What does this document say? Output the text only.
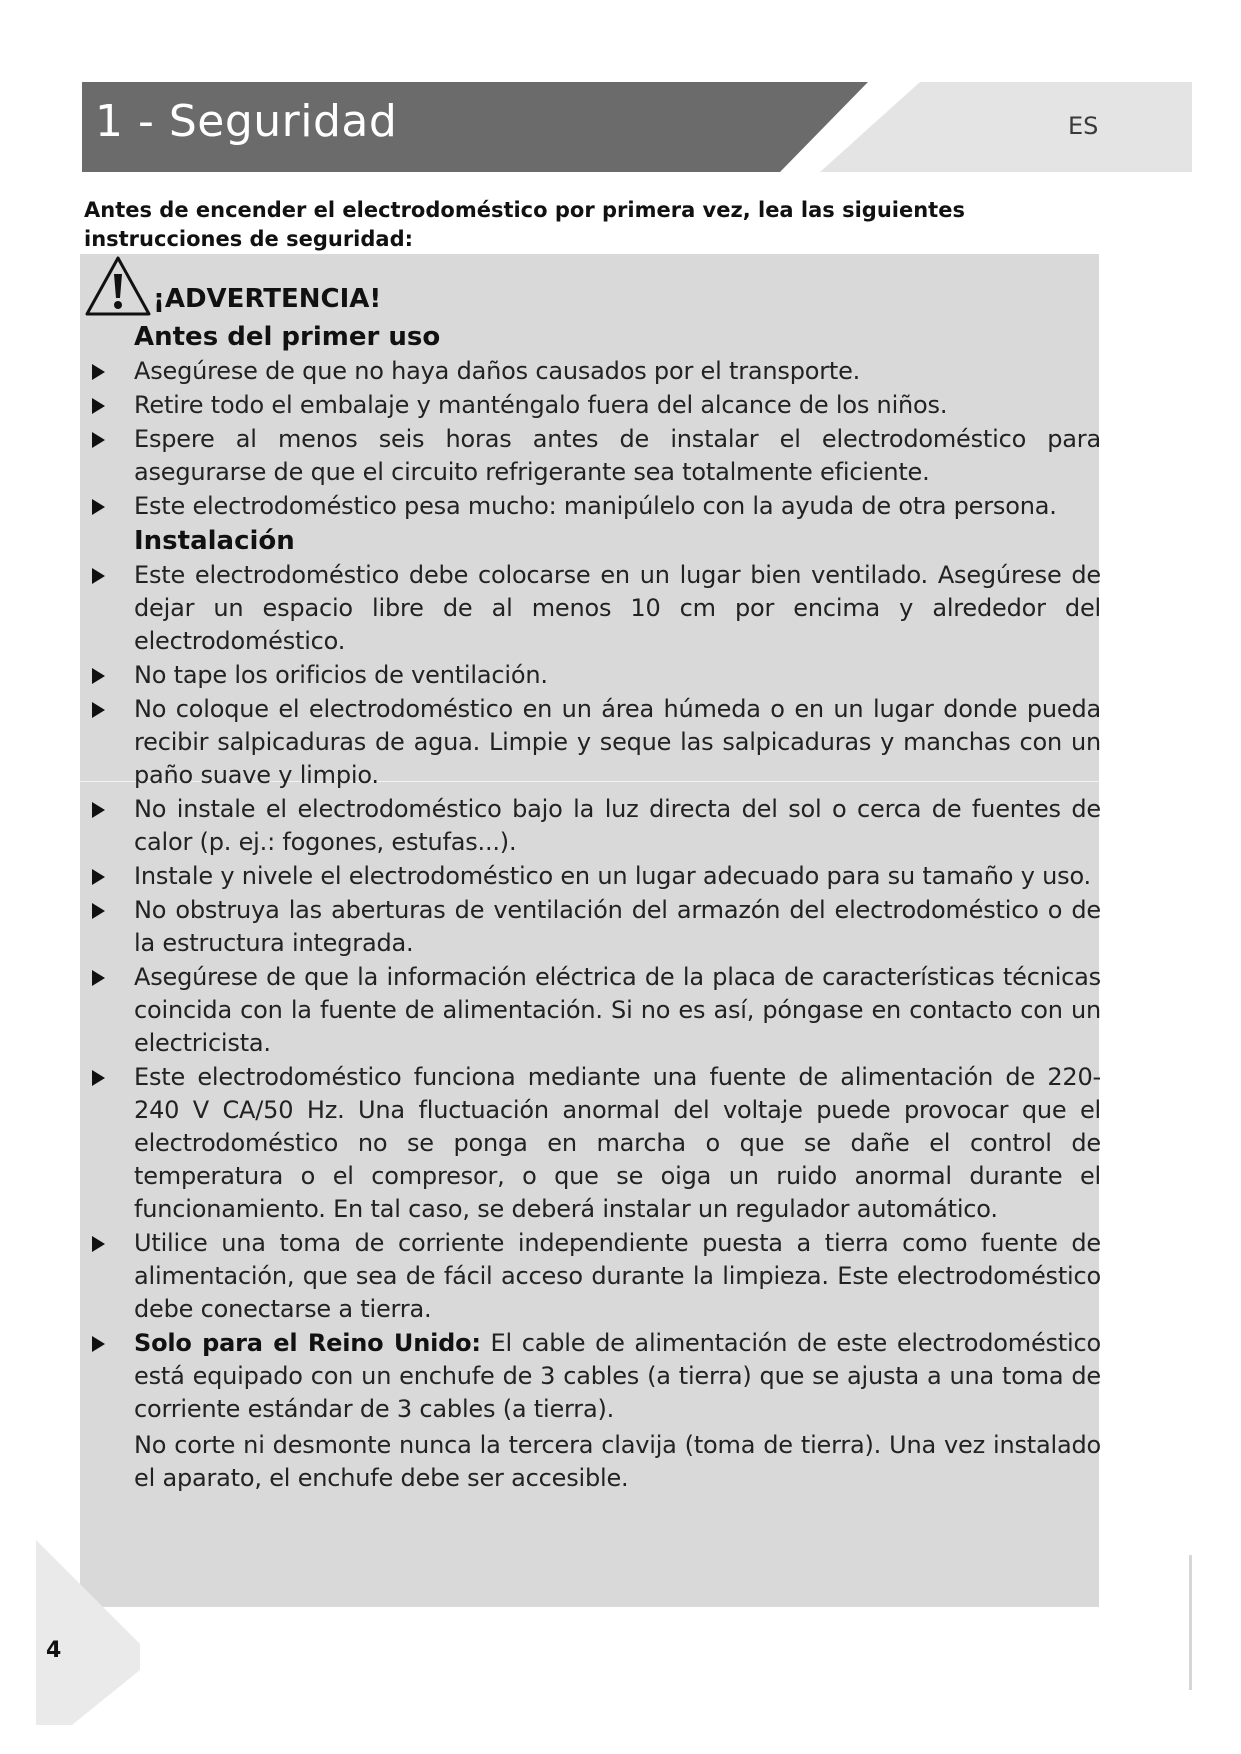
1 - Seguridad	ES

Antes de encender el electrodoméstico por primera vez, lea las siguientes instrucciones de seguridad:

¡ADVERTENCIA!
Antes del primer uso
Asegúrese de que no haya daños causados por el transporte.
Retire todo el embalaje y manténgalo fuera del alcance de los niños.
Espere al menos seis horas antes de instalar el electrodoméstico para asegurarse de que el circuito refrigerante sea totalmente eficiente.
Este electrodoméstico pesa mucho: manipúlelo con la ayuda de otra persona.
Instalación
Este electrodoméstico debe colocarse en un lugar bien ventilado. Asegúrese de dejar un espacio libre de al menos 10 cm por encima y alrededor del electrodoméstico.
No tape los orificios de ventilación.
No coloque el electrodoméstico en un área húmeda o en un lugar donde pueda recibir salpicaduras de agua. Limpie y seque las salpicaduras y manchas con un paño suave y limpio.
No instale el electrodoméstico bajo la luz directa del sol o cerca de fuentes de calor (p. ej.: fogones, estufas...).
Instale y nivele el electrodoméstico en un lugar adecuado para su tamaño y uso.
No obstruya las aberturas de ventilación del armazón del electrodoméstico o de la estructura integrada.
Asegúrese de que la información eléctrica de la placa de características técnicas coincida con la fuente de alimentación. Si no es así, póngase en contacto con un electricista.
Este electrodoméstico funciona mediante una fuente de alimentación de 220-240 V CA/50 Hz. Una fluctuación anormal del voltaje puede provocar que el electrodoméstico no se ponga en marcha o que se dañe el control de temperatura o el compresor, o que se oiga un ruido anormal durante el funcionamiento. En tal caso, se deberá instalar un regulador automático.
Utilice una toma de corriente independiente puesta a tierra como fuente de alimentación, que sea de fácil acceso durante la limpieza. Este electrodoméstico debe conectarse a tierra.
Solo para el Reino Unido: El cable de alimentación de este electrodoméstico está equipado con un enchufe de 3 cables (a tierra) que se ajusta a una toma de corriente estándar de 3 cables (a tierra).
No corte ni desmonte nunca la tercera clavija (toma de tierra). Una vez instalado el aparato, el enchufe debe ser accesible.
4
